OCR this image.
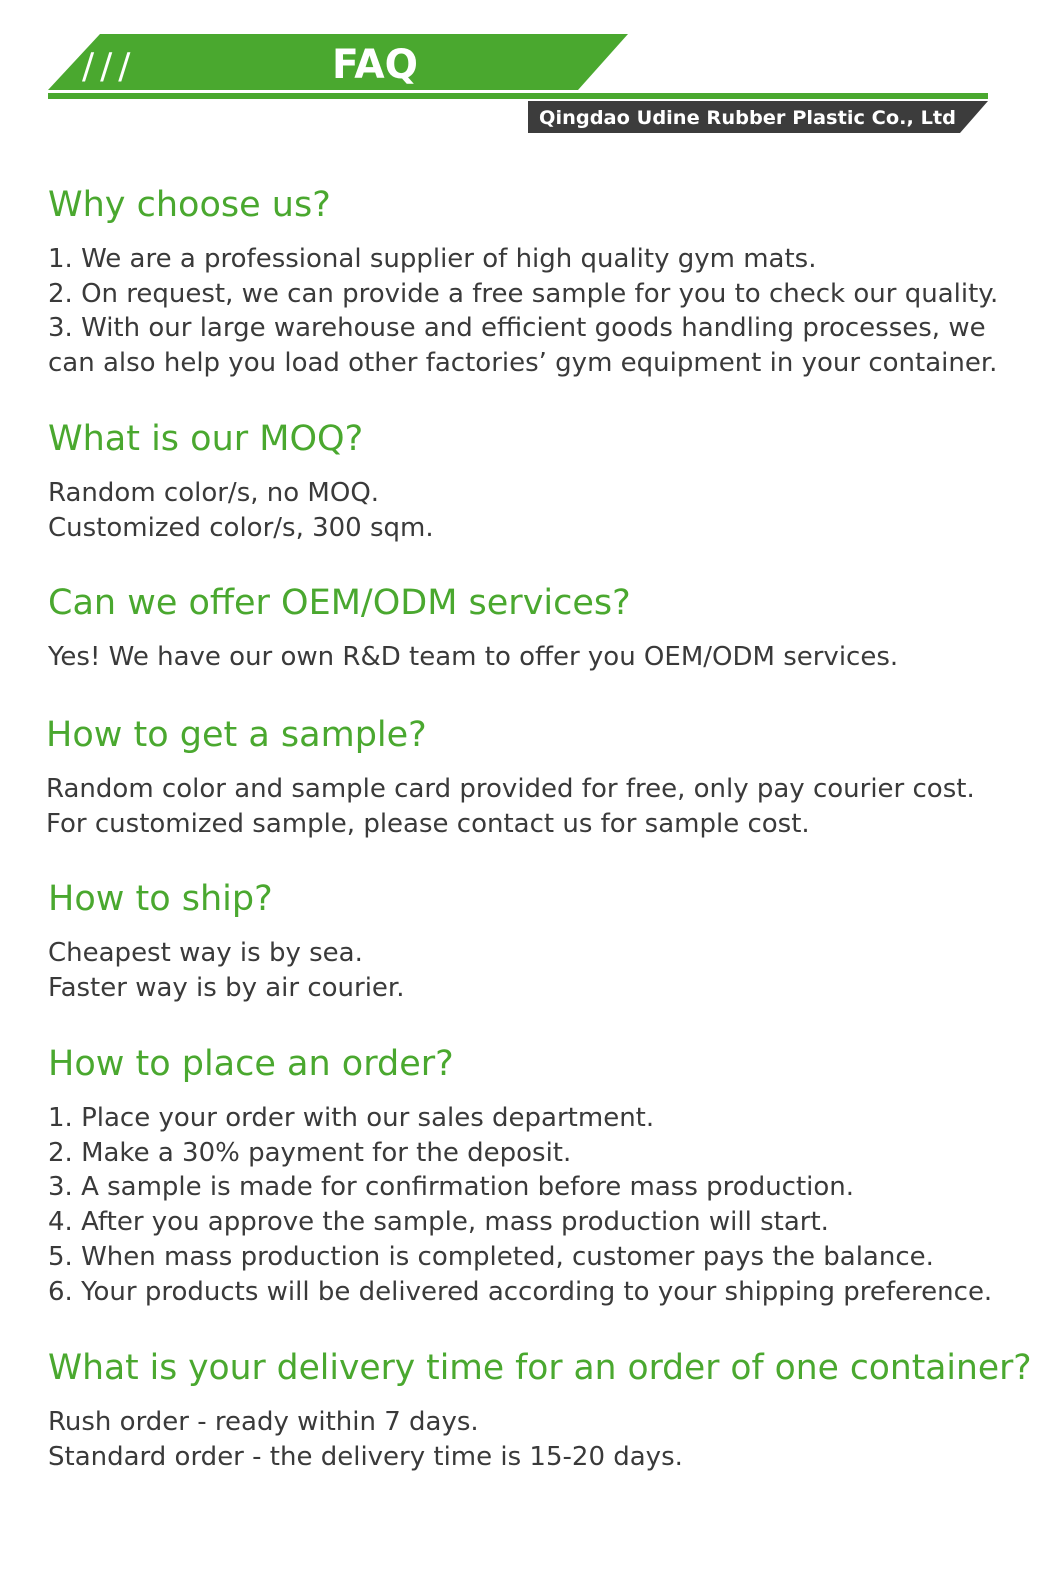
///	FAQ
Qingdao Udine Rubber Plastic Co., Ltd
Why choose us?
1. We are a professional supplier of high quality gym mats.
2. On request, we can provide a free sample for you to check our quality.
3. With our large warehouse and efficient goods handling processes, we can also help you load other factories’ gym equipment in your container.
What is our MOQ?
Random color/s, no MOQ.
Customized color/s, 300 sqm.
Can we offer OEM/ODM services?
Yes! We have our own R&D team to offer you OEM/ODM services.
How to get a sample?
Random color and sample card provided for free, only pay courier cost.
For customized sample, please contact us for sample cost.
How to ship?
Cheapest way is by sea.
Faster way is by air courier.
How to place an order?
1. Place your order with our sales department.
2. Make a 30% payment for the deposit.
3. A sample is made for confirmation before mass production.
4. After you approve the sample, mass production will start.
5. When mass production is completed, customer pays the balance.
6. Your products will be delivered according to your shipping preference.
What is your delivery time for an order of one container?
Rush order - ready within 7 days.
Standard order - the delivery time is 15-20 days.
